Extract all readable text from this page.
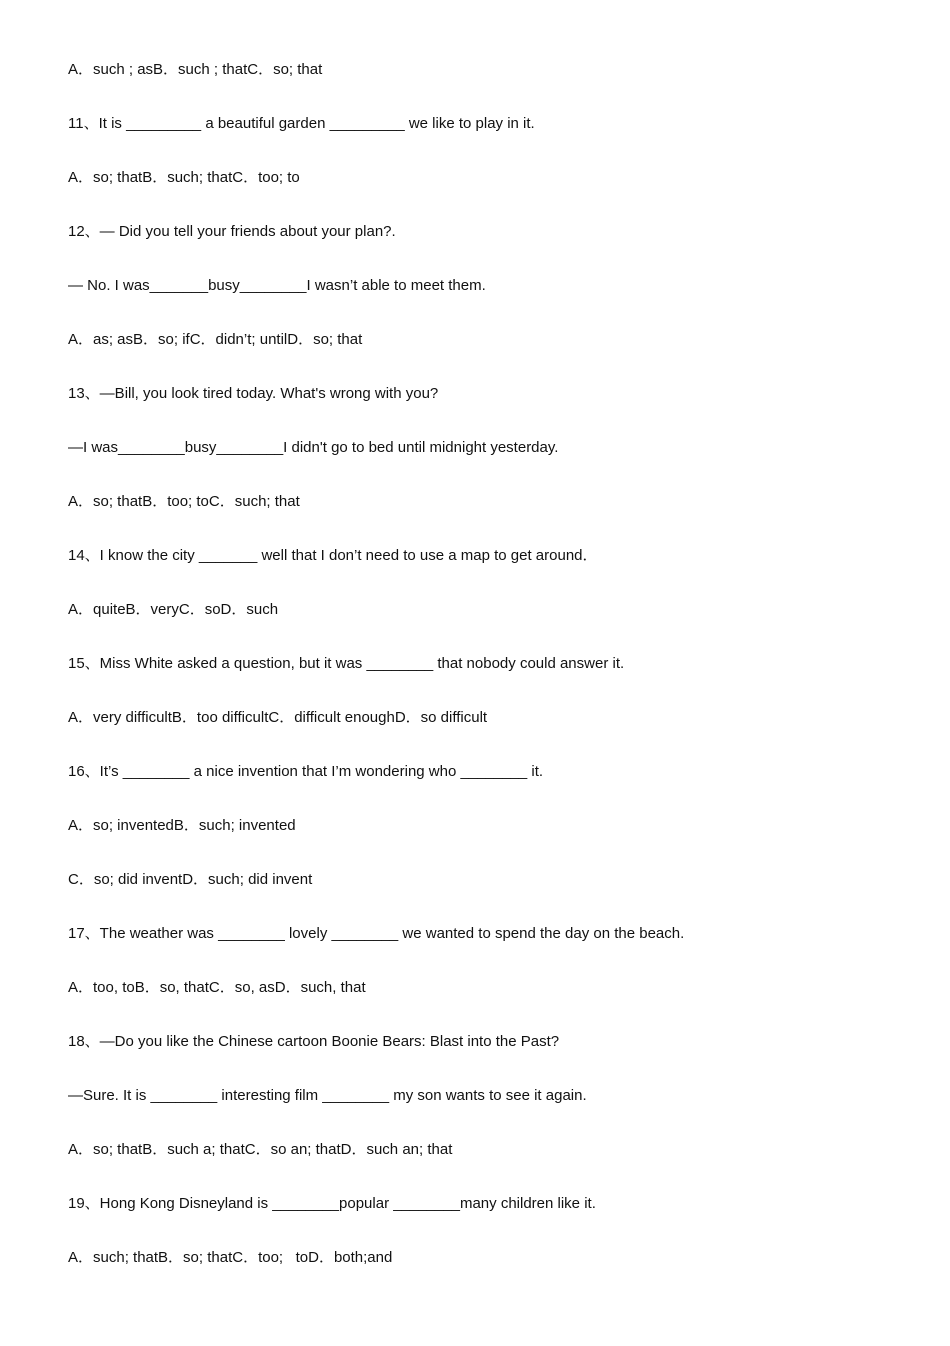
A．such ; asB．such ; thatC．so; that
11、It is _________ a beautiful garden _________ we like to play in it.
A．so; thatB．such; thatC．too; to
12、— Did you tell your friends about your plan?.
— No. I was_______busy________I wasn’t able to meet them.
A．as; asB．so; ifC．didn’t; untilD．so; that
13、—Bill, you look tired today. What's wrong with you?
—I was________busy________I didn't go to bed until midnight yesterday.
A．so; thatB．too; toC．such; that
14、I know the city _______ well that I don’t need to use a map to get around．
A．quiteB．veryC．soD．such
15、Miss White asked a question, but it was ________ that nobody could answer it.
A．very difficultB．too difficultC．difficult enoughD．so difficult
16、It’s ________ a nice invention that I’m wondering who ________ it.
A．so; inventedB．such; invented
C．so; did inventD．such; did invent
17、The weather was ________ lovely ________ we wanted to spend the day on the beach.
A．too, toB．so, thatC．so, asD．such, that
18、—Do you like the Chinese cartoon Boonie Bears: Blast into the Past?
—Sure. It is ________ interesting film ________ my son wants to see it again.
A．so; thatB．such a; thatC．so an; thatD．such an; that
19、Hong Kong Disneyland is ________popular ________many children like it.
A．such; thatB．so; thatC．too;   toD．both;and
